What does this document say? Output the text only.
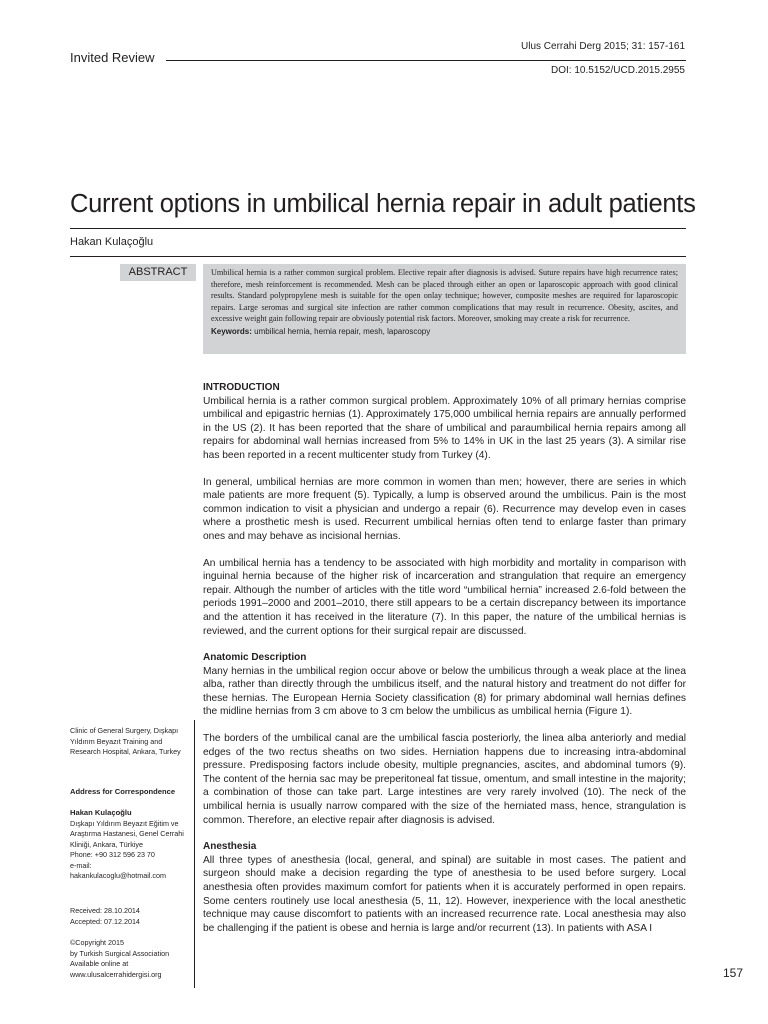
Invited Review
Ulus Cerrahi Derg 2015; 31: 157-161
DOI: 10.5152/UCD.2015.2955
Current options in umbilical hernia repair in adult patients
Hakan Kulaçoğlu
ABSTRACT	Umbilical hernia is a rather common surgical problem. Elective repair after diagnosis is advised. Suture repairs have high recurrence rates; therefore, mesh reinforcement is recommended. Mesh can be placed through either an open or laparoscopic approach with good clinical results. Standard polypropylene mesh is suitable for the open onlay technique; however, composite meshes are required for laparoscopic repairs. Large seromas and surgical site infection are rather common complications that may result in recurrence. Obesity, ascites, and excessive weight gain following repair are obviously potential risk factors. Moreover, smoking may create a risk for recurrence.
Keywords: umbilical hernia, hernia repair, mesh, laparoscopy
INTRODUCTION

Umbilical hernia is a rather common surgical problem. Approximately 10% of all primary hernias comprise umbilical and epigastric hernias (1). Approximately 175,000 umbilical hernia repairs are annually performed in the US (2). It has been reported that the share of umbilical and paraumbilical hernia repairs among all repairs for abdominal wall hernias increased from 5% to 14% in UK in the last 25 years (3). A similar rise has been reported in a recent multicenter study from Turkey (4).

In general, umbilical hernias are more common in women than men; however, there are series in which male patients are more frequent (5). Typically, a lump is observed around the umbilicus. Pain is the most common indication to visit a physician and undergo a repair (6). Recurrence may develop even in cases where a prosthetic mesh is used. Recurrent umbilical hernias often tend to enlarge faster than primary ones and may behave as incisional hernias.

An umbilical hernia has a tendency to be associated with high morbidity and mortality in comparison with inguinal hernia because of the higher risk of incarceration and strangulation that require an emergency repair. Although the number of articles with the title word “umbilical hernia” increased 2.6-fold between the periods 1991–2000 and 2001–2010, there still appears to be a certain discrepancy between its importance and the attention it has received in the literature (7). In this paper, the nature of the umbilical hernias is reviewed, and the current options for their surgical repair are discussed.

Anatomic Description

Many hernias in the umbilical region occur above or below the umbilicus through a weak place at the linea alba, rather than directly through the umbilicus itself, and the natural history and treatment do not differ for these hernias. The European Hernia Society classification (8) for primary abdominal wall hernias defines the midline hernias from 3 cm above to 3 cm below the umbilicus as umbilical hernia (Figure 1).

The borders of the umbilical canal are the umbilical fascia posteriorly, the linea alba anteriorly and medial edges of the two rectus sheaths on two sides. Herniation happens due to increasing intra-abdominal pressure. Predisposing factors include obesity, multiple pregnancies, ascites, and abdominal tumors (9). The content of the hernia sac may be preperitoneal fat tissue, omentum, and small intestine in the majority; a combination of those can take part. Large intestines are very rarely involved (10). The neck of the umbilical hernia is usually narrow compared with the size of the herniated mass, hence, strangulation is common. Therefore, an elective repair after diagnosis is advised.

Anesthesia

All three types of anesthesia (local, general, and spinal) are suitable in most cases. The patient and surgeon should make a decision regarding the type of anesthesia to be used before surgery. Local anesthesia often provides maximum comfort for patients when it is accurately performed in open repairs. Some centers routinely use local anesthesia (5, 11, 12). However, inexperience with the local anesthetic technique may cause discomfort to patients with an increased recurrence rate. Local anesthesia may also be challenging if the patient is obese and hernia is large and/or recurrent (13). In patients with ASA I

Clinic of General Surgery, Dışkapı Yıldırım Beyazıt Training and Research Hospital, Ankara, Turkey
Address for Correspondence
Hakan Kulaçoğlu
Dışkapı Yıldırım Beyazıt Eğitim ve Araştırma Hastanesi, Genel Cerrahi Kliniği, Ankara, Türkiye
Phone: +90 312 596 23 70
e-mail:
hakankulacoglu@hotmail.com
Received: 28.10.2014
Accepted: 07.12.2014
©Copyright 2015
by Turkish Surgical Association
Available online at
www.ulusalcerrahidergisi.org	157
